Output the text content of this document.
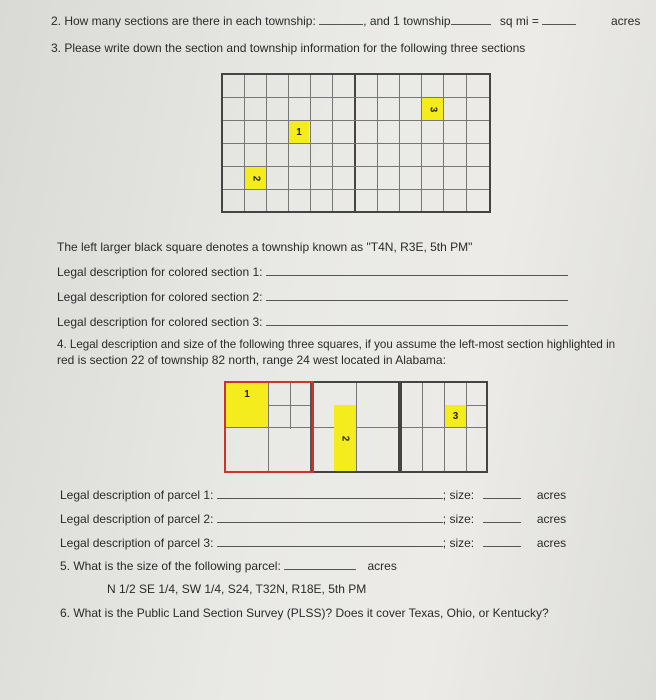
2. How many sections are there in each township:	, and 1 township	sq mi =	acres
3. Please write down the section and township information for the following three sections
1
2
3
The left larger black square denotes a township known as "T4N, R3E, 5th PM"
Legal description for colored section 1:
Legal description for colored section 2:
Legal description for colored section 3:
4. Legal description and size of the following three squares, if you assume the left-most section highlighted in
red is section 22 of township 82 north, range 24 west located in Alabama:
1
2
3
Legal description of parcel 1:	; size:	acres
Legal description of parcel 2:	; size:	acres
Legal description of parcel 3:	; size:	acres
5. What is the size of the following parcel:	acres
N 1/2 SE 1/4, SW 1/4, S24, T32N, R18E, 5th PM
6. What is the Public Land Section Survey (PLSS)? Does it cover Texas, Ohio, or Kentucky?
